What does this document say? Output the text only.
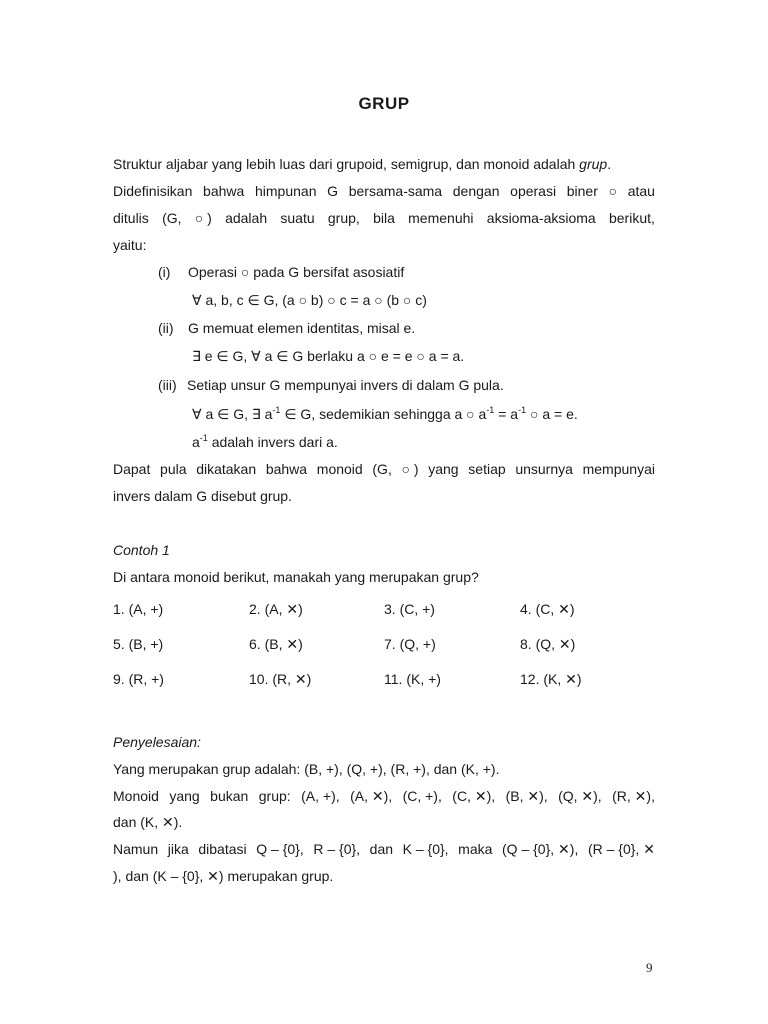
GRUP
Struktur aljabar yang lebih luas dari grupoid, semigrup, dan monoid adalah grup.
Didefinisikan bahwa himpunan G bersama-sama dengan operasi biner ○ atau
ditulis (G, ○ ) adalah suatu grup, bila memenuhi aksioma-aksioma berikut,
yaitu:
(i) Operasi ○ pada G bersifat asosiatif
∀ a, b, c ∈ G, (a ○ b) ○ c = a ○ (b ○ c)
(ii) G memuat elemen identitas, misal e.
∃ e ∈ G, ∀ a ∈ G berlaku a ○ e = e ○ a = a.
(iii) Setiap unsur G mempunyai invers di dalam G pula.
∀ a ∈ G, ∃ $a^{-1}$ ∈ G, sedemikian sehingga a ○ $a^{-1} = a^{-1}$ ○ a = e.
$a^{-1}$ adalah invers dari a.
Dapat pula dikatakan bahwa monoid (G, ○ ) yang setiap unsurnya mempunyai
invers dalam G disebut grup.
Contoh 1
Di antara monoid berikut, manakah yang merupakan grup?
1. (A, +)	2. (A, ✕)	3. (C, +)	4. (C, ✕)
5. (B, +)	6. (B, ✕)	7. (Q, +)	8. (Q, ✕)
9. (R, +)	10. (R, ✕)	11. (K, +)	12. (K, ✕)
Penyelesaian:
Yang merupakan grup adalah: (B, +), (Q, +), (R, +), dan (K, +).
Monoid yang bukan grup: (A, +), (A, ✕), (C, +), (C, ✕), (B, ✕), (Q, ✕), (R, ✕),
dan (K, ✕).
Namun jika dibatasi Q – {0}, R – {0}, dan K – {0}, maka (Q – {0}, ✕), (R – {0}, ✕
), dan (K – {0}, ✕) merupakan grup.
9
